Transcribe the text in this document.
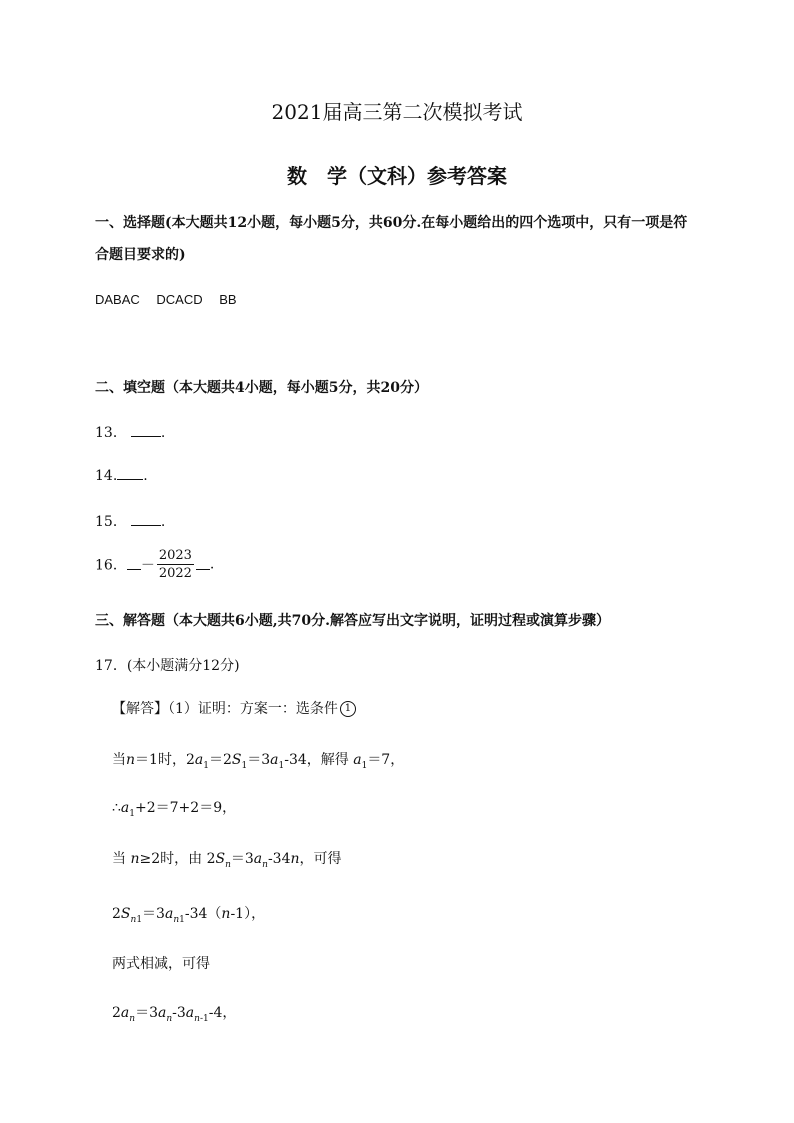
2021届高三第二次模拟考试
数　学（文科）参考答案
一、选择题(本大题共12小题，每小题5分，共60分.在每小题给出的四个选项中，只有一项是符
合题目要求的)
DABAC　 DCACD　 BB
二、填空题（本大题共4小题，每小题5分，共20分）
13． .
14. .
15． .
16． － $\frac{2023}{2022}$ .
三、解答题（本大题共6小题,共70分.解答应写出文字说明，证明过程或演算步骤）
17．(本小题满分12分)
【解答】（1）证明：方案一：选条件 1
当n＝1时，$2a_1=2S_1=3a_1-34$，解得 $a_1=7$，
$\therefore a_1+2=7+2=9$，
当 n≥2时，由 $2S_n=3a_n-34n$，可得
$2S_{n1}=3a_{n1}-34(n-1)$，
两式相减，可得
$2a_n=3a_n-3a_{n-1}-4$，
